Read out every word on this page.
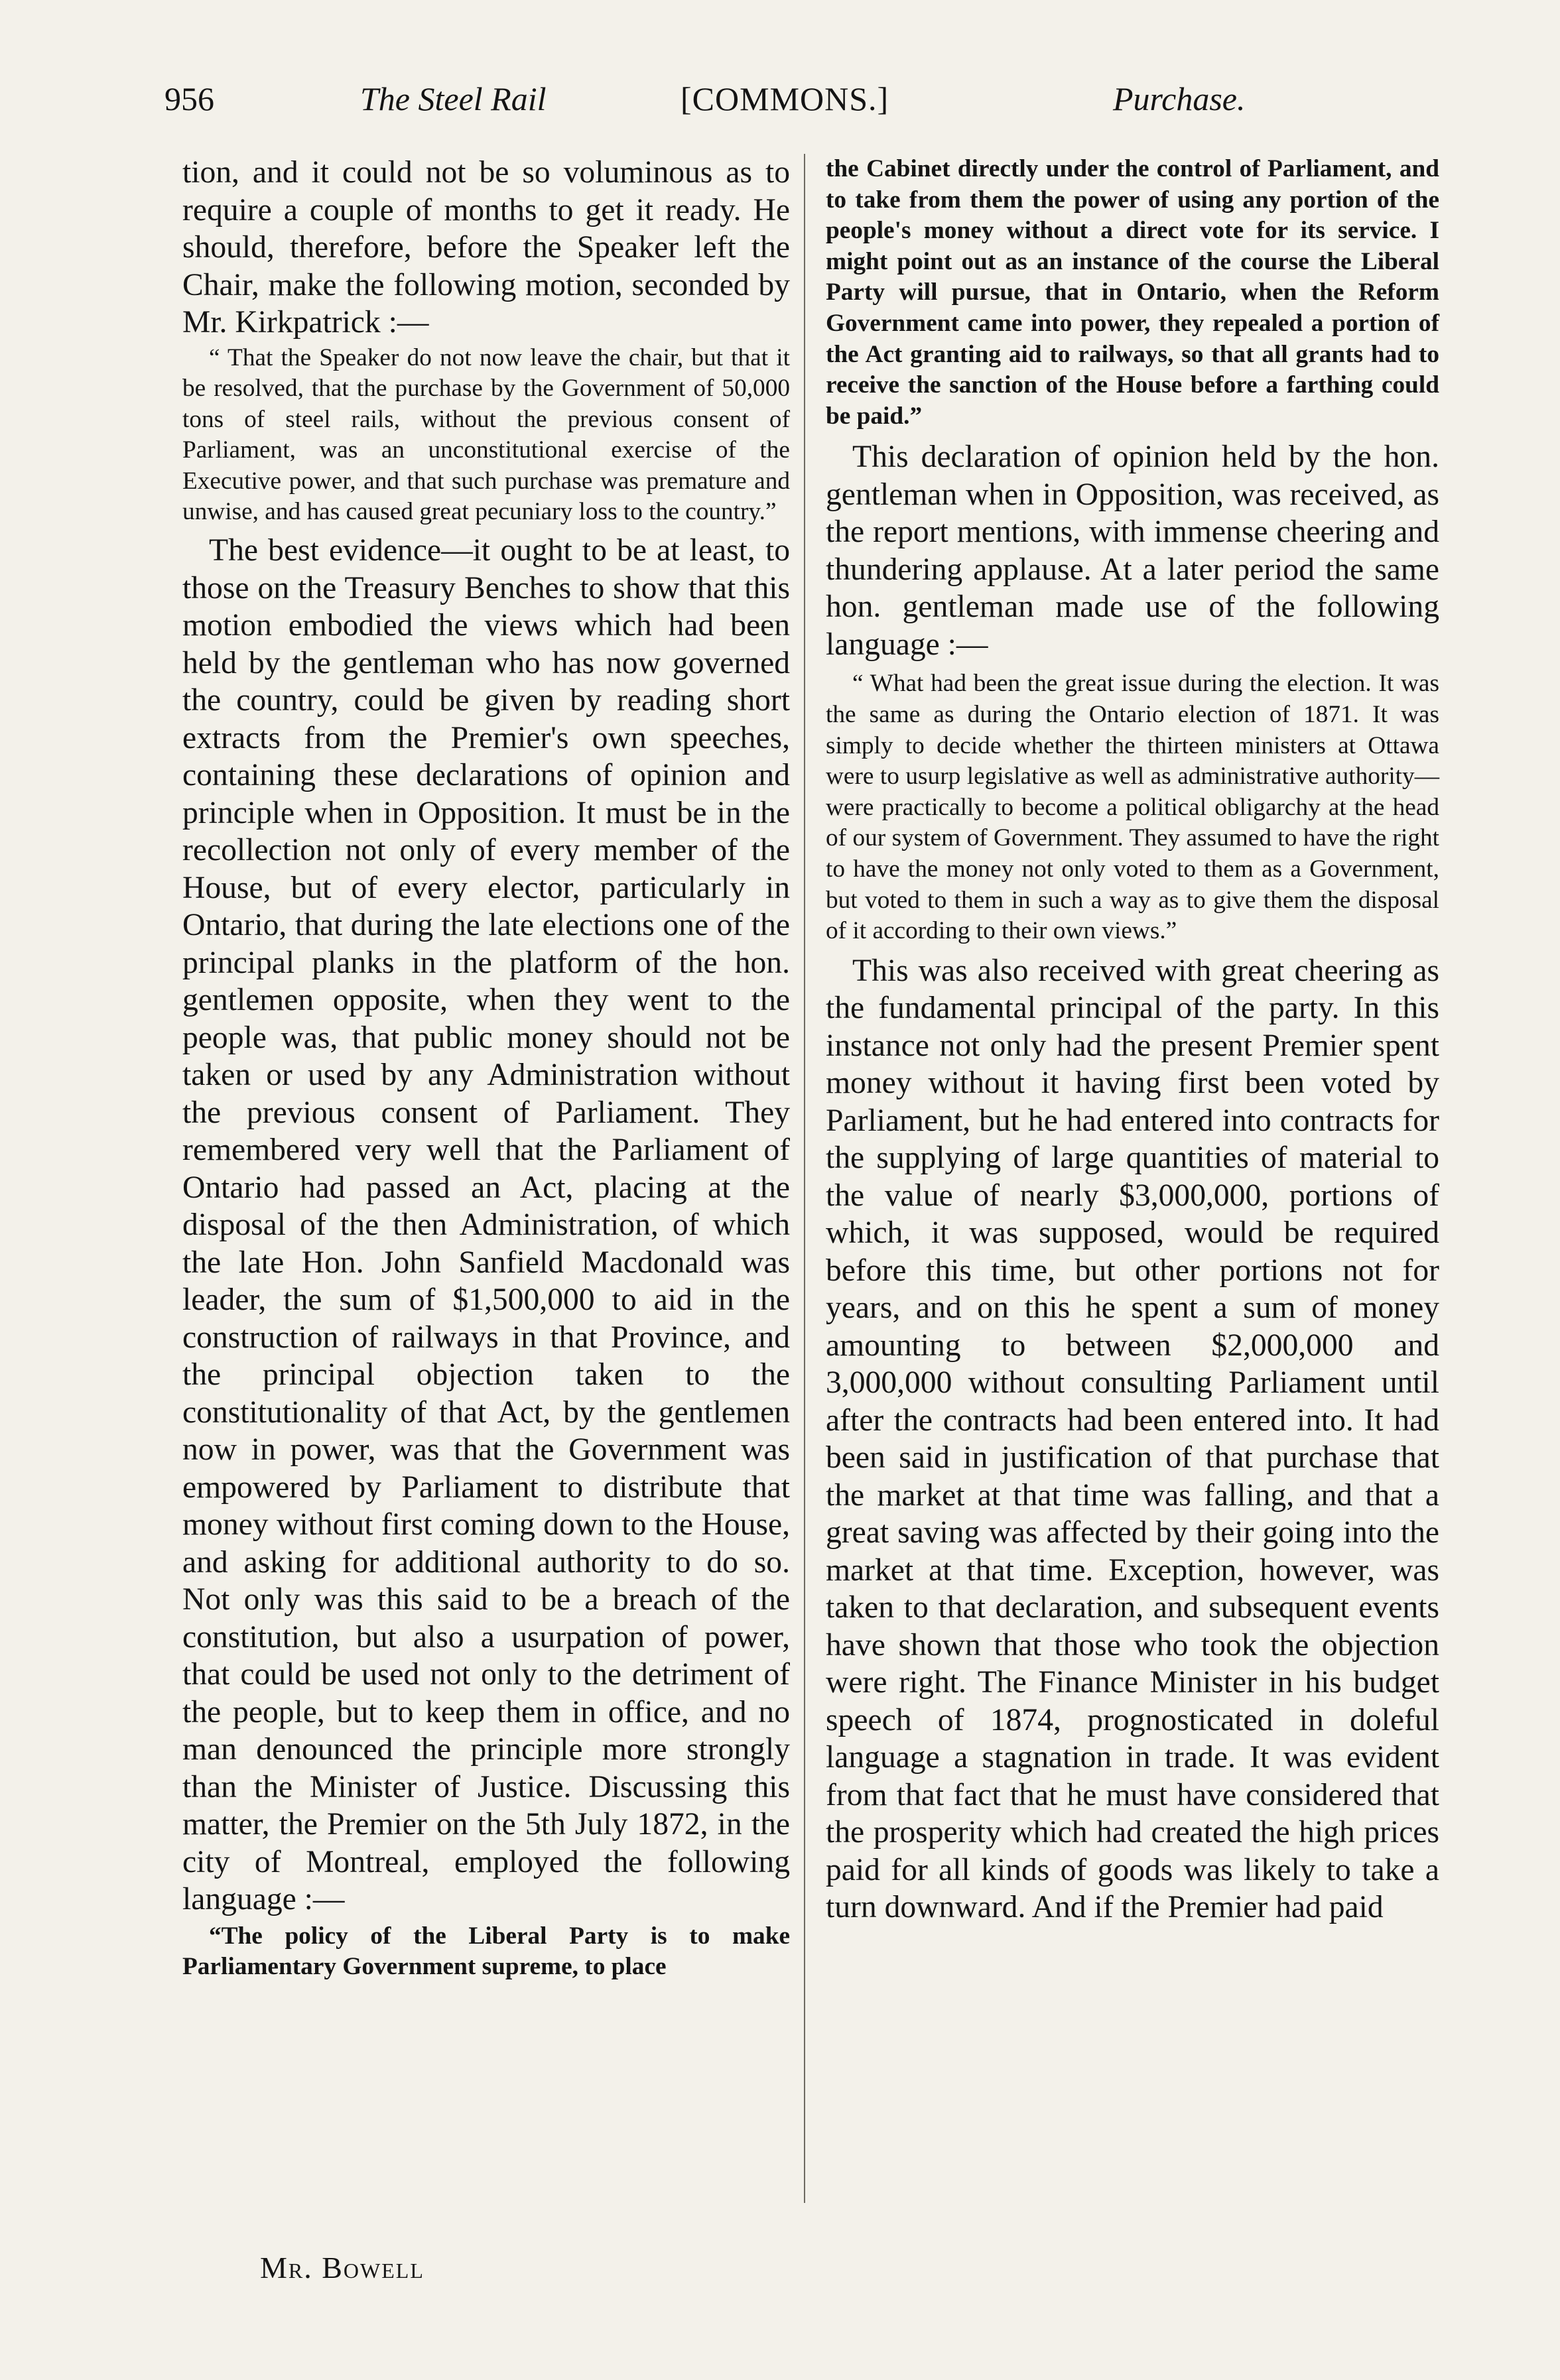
956	The Steel Rail	[COMMONS.]	Purchase.

tion, and it could not be so voluminous as to require a couple of months to get it ready. He should, therefore, before the Speaker left the Chair, make the following motion, seconded by Mr. Kirkpatrick :—

“ That the Speaker do not now leave the chair, but that it be resolved, that the purchase by the Government of 50,000 tons of steel rails, without the previous consent of Parliament, was an unconstitutional exercise of the Executive power, and that such purchase was premature and unwise, and has caused great pecuniary loss to the country.”

The best evidence—it ought to be at least, to those on the Treasury Benches to show that this motion embodied the views which had been held by the gentleman who has now governed the country, could be given by reading short extracts from the Premier's own speeches, containing these declarations of opinion and principle when in Opposition. It must be in the recollection not only of every member of the House, but of every elector, particularly in Ontario, that during the late elections one of the principal planks in the platform of the hon. gentlemen opposite, when they went to the people was, that public money should not be taken or used by any Administration without the previous consent of Parliament. They remembered very well that the Parliament of Ontario had passed an Act, placing at the disposal of the then Administration, of which the late Hon. John Sanfield Macdonald was leader, the sum of $1,500,000 to aid in the construction of railways in that Province, and the principal objection taken to the constitutionality of that Act, by the gentlemen now in power, was that the Government was empowered by Parliament to distribute that money without first coming down to the House, and asking for additional authority to do so. Not only was this said to be a breach of the constitution, but also a usurpation of power, that could be used not only to the detriment of the people, but to keep them in office, and no man denounced the principle more strongly than the Minister of Justice. Discussing this matter, the Premier on the 5th July 1872, in the city of Montreal, employed the following language :—

“The policy of the Liberal Party is to make Parliamentary Government supreme, to place

the Cabinet directly under the control of Parliament, and to take from them the power of using any portion of the people's money without a direct vote for its service. I might point out as an instance of the course the Liberal Party will pursue, that in Ontario, when the Reform Government came into power, they repealed a portion of the Act granting aid to railways, so that all grants had to receive the sanction of the House before a farthing could be paid.”

This declaration of opinion held by the hon. gentleman when in Opposition, was received, as the report mentions, with immense cheering and thundering applause. At a later period the same hon. gentleman made use of the following language :—

“ What had been the great issue during the election. It was the same as during the Ontario election of 1871. It was simply to decide whether the thirteen ministers at Ottawa were to usurp legislative as well as administrative authority—were practically to become a political obligarchy at the head of our system of Government. They assumed to have the right to have the money not only voted to them as a Government, but voted to them in such a way as to give them the disposal of it according to their own views.”

This was also received with great cheering as the fundamental principal of the party. In this instance not only had the present Premier spent money without it having first been voted by Parliament, but he had entered into contracts for the supplying of large quantities of material to the value of nearly $3,000,000, portions of which, it was supposed, would be required before this time, but other portions not for years, and on this he spent a sum of money amounting to between $2,000,000 and 3,000,000 without consulting Parliament until after the contracts had been entered into. It had been said in justification of that purchase that the market at that time was falling, and that a great saving was affected by their going into the market at that time. Exception, however, was taken to that declaration, and subsequent events have shown that those who took the objection were right. The Finance Minister in his budget speech of 1874, prognosticated in doleful language a stagnation in trade. It was evident from that fact that he must have considered that the prosperity which had created the high prices paid for all kinds of goods was likely to take a turn downward. And if the Premier had paid

Mr. Bowell
